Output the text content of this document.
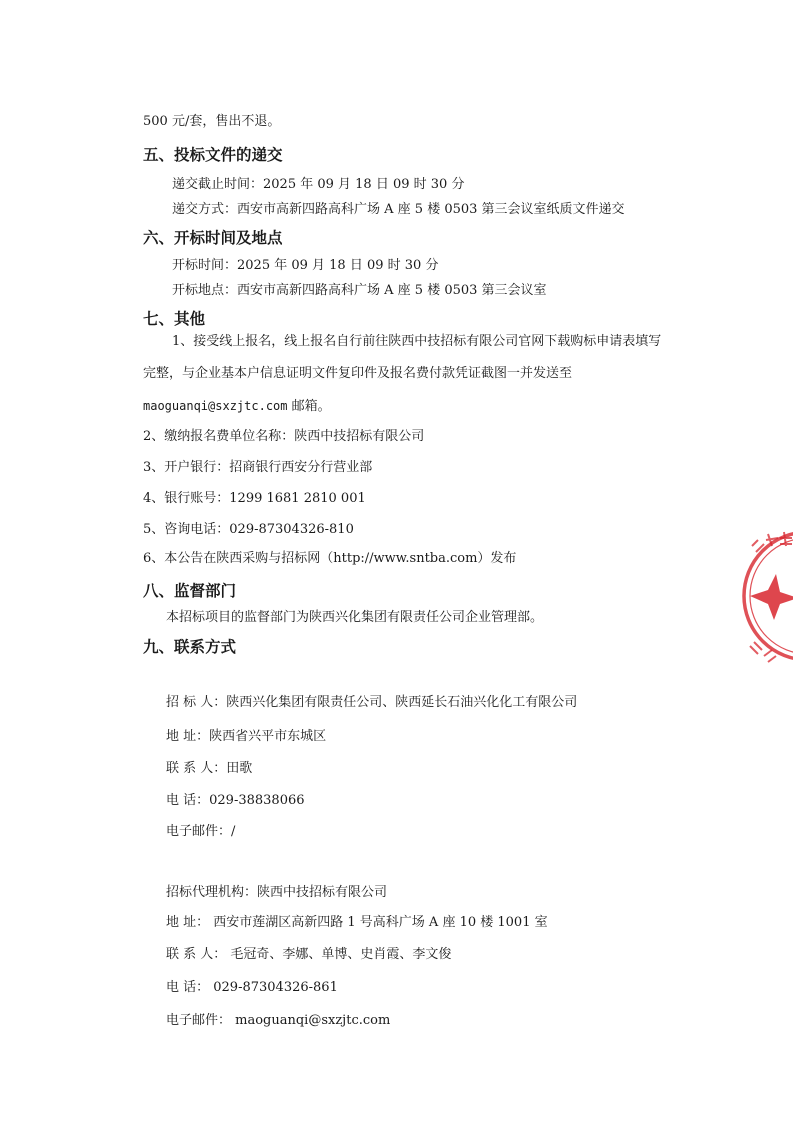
500 元/套，售出不退。
五、投标文件的递交
递交截止时间：2025 年 09 月 18 日 09 时 30 分
递交方式：西安市高新四路高科广场 A 座 5 楼 0503 第三会议室纸质文件递交
六、开标时间及地点
开标时间：2025 年 09 月 18 日 09 时 30 分
开标地点：西安市高新四路高科广场 A 座 5 楼 0503 第三会议室
七、其他
1、接受线上报名，线上报名自行前往陕西中技招标有限公司官网下载购标申请表填写
完整，与企业基本户信息证明文件复印件及报名费付款凭证截图一并发送至
maoguanqi@sxzjtc.com 邮箱。
2、缴纳报名费单位名称：陕西中技招标有限公司
3、开户银行：招商银行西安分行营业部
4、银行账号：1299 1681 2810 001
5、咨询电话：029-87304326-810
6、本公告在陕西采购与招标网（http://www.sntba.com）发布
八、监督部门
本招标项目的监督部门为陕西兴化集团有限责任公司企业管理部。
九、联系方式
招 标 人：陕西兴化集团有限责任公司、陕西延长石油兴化化工有限公司
地 址：陕西省兴平市东城区
联 系 人：田歌
电 话：029-38838066
电子邮件：/
招标代理机构：陕西中技招标有限公司
地 址： 西安市莲湖区高新四路 1 号高科广场 A 座 10 楼 1001 室
联 系 人： 毛冠奇、李娜、单博、史肖霞、李文俊
电 话： 029-87304326-861
电子邮件： maoguanqi@sxzjtc.com
